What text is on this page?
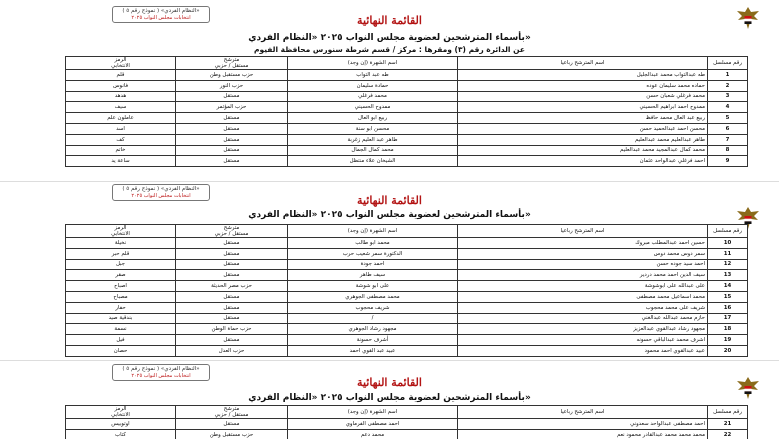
( نموذج رقم ٥ ) «النظام الفردي»
انتخابات مجلس النواب ٢٠٢٥	القائمة النهائية
بأسماء المترشحين لعضوية مجلس النواب ٢٠٢٥ «النظام الفردي»
عن الدائرة رقم (٣) ومقرها : مركز / قسم شرطة سنورس محافظة الفيوم
رقم مسلسل	اسم المترشح رباعيا	اسم الشهرة (إن وجد)	مترشح
مستقل / حزبي	الرمز
الانتخابي
1	طه عبدالتواب محمد عبدالجليل	طه عبد التواب	حزب مستقبل وطن	قلم
2	حماده محمد سليمان عوده	حمادة سليمان	حزب النور	فانوس
3	محمد فرغلي شعبان حسن	محمد فرغلي	مستقل	هدهد
4	ممدوح احمد ابراهيم الحسيني	ممدوح الحسيني	حزب المؤتمر	سيف
5	ربيع عبد العال محمد حافظ	ربيع ابو العال	مستقل	عاملون علم
6	محسن احمد عبدالحميد حسن	محسن ابو سنة	مستقل	اسد
7	طاهر عبدالعليم محمد عبدالعليم	طاهر عبد العليم زغربة	مستقل	كف
8	محمد كمال عبدالمجيد محمد عبدالعليم	محمد كمال الجمال	مستقل	خاتم
9	احمد فرغلي عبدالواحد عثمان	الشيخان علاء منتظل	مستقل	ساعة يد
( نموذج رقم ٥ ) «النظام الفردي»
انتخابات مجلس النواب ٢٠٢٥	القائمة النهائية
بأسماء المترشحين لعضوية مجلس النواب ٢٠٢٥ «النظام الفردي»
رقم مسلسل	اسم المترشح رباعيا	اسم الشهرة (إن وجد)	مترشح
مستقل / حزبي	الرمز
الانتخابي
10	حسين احمد عبدالمطلب مبروك	محمد ابو طالب	مستقل	نخيلة
11	سمر دوس محمد دوس	الدكتورة سمر شعيب حرب	مستقل	قلم حبر
12	احمد سيد جوده حسن	احمد جودة	مستقل	جبل
13	سيف الدين احمد محمد دردير	سيف طاهر	مستقل	صقر
14	على عبدالله على ابوشوشة	على ابو شوشة	حزب مصر الحديثة	اصباح
15	محمد اسماعيل محمد مصطفى	محمد مصطفى الجوهري	مستقل	مصباح
16	شريف على محمد محجوب	شريف محجوب	مستقل	حفار
17	حازم محمد عبدالله عبدالغني	/	مستقل	بندقية صيد
18	مجهود رشاد عبدالقوي عبدالعزيز	مجهود رشاد الجوهري	حزب حماة الوطن	نسمة
19	اشرف محمد عبدالباقي حسونه	أشرف حسونة	مستقل	فيل
20	عبيد عبدالقوي احمد محمود	عبيد عبد القوي احمد	حزب العدل	حصان
( نموذج رقم ٥ ) «النظام الفردي»
انتخابات مجلس النواب ٢٠٢٥	القائمة النهائية
بأسماء المترشحين لعضوية مجلس النواب ٢٠٢٥ «النظام الفردي»
رقم مسلسل	اسم المترشح رباعيا	اسم الشهرة (إن وجد)	مترشح
مستقل / حزبي	الرمز
الانتخابي
21	احمد مصطفى عبدالواحد سعدوني	احمد مصطفى الفرماوي	مستقل	اوتوبيس
22	محمد محمد محمد عبدالقادر محمود نعم	محمد دعم	حزب مستقبل وطن	كتاب
